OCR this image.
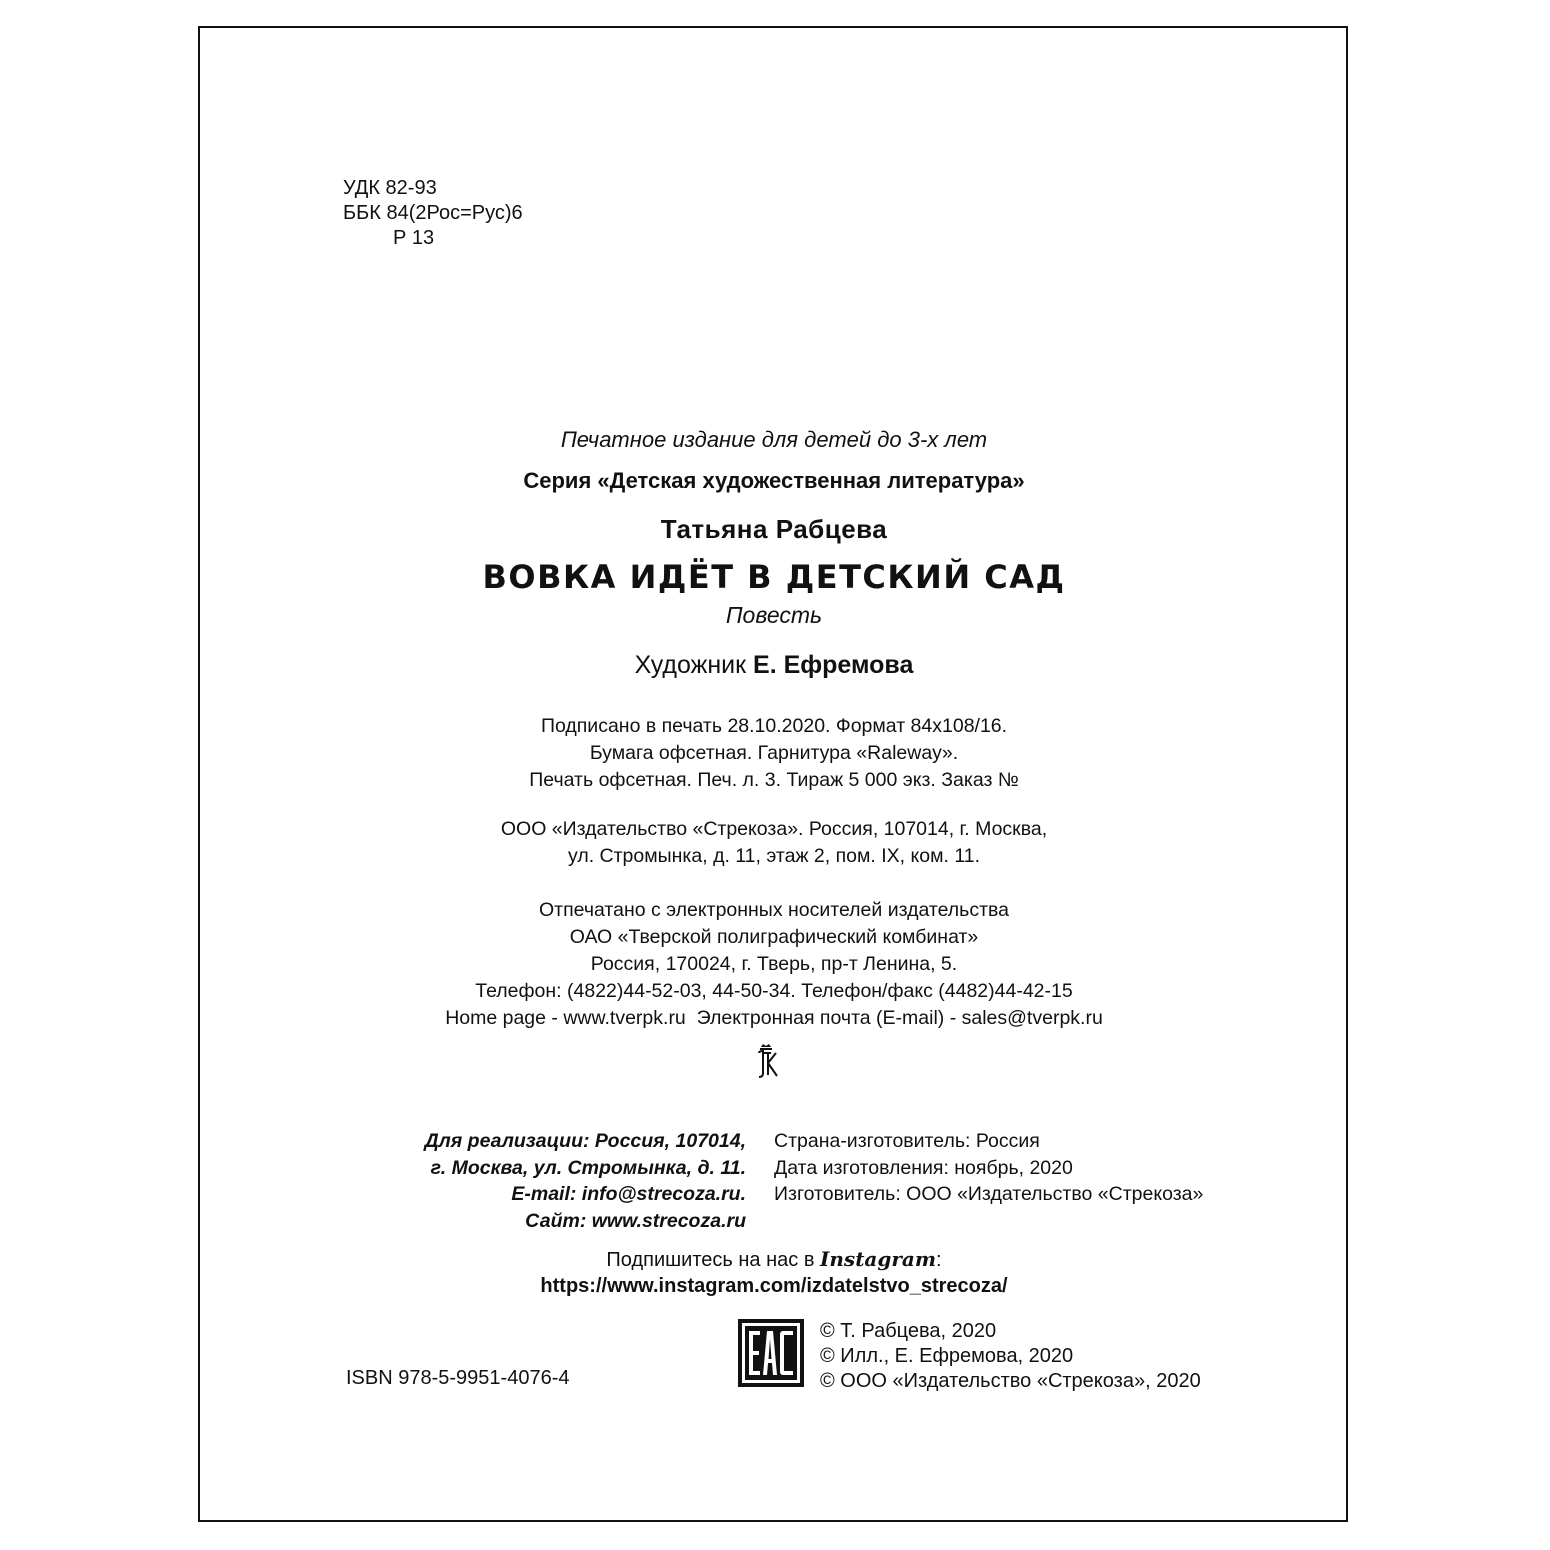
УДК 82-93
ББК 84(2Рос=Рус)6
Р 13
Печатное издание для детей до 3-х лет
Серия «Детская художественная литература»
Татьяна Рабцева
ВОВКА ИДЁТ В ДЕТСКИЙ САД
Повесть
Художник Е. Ефремова
Подписано в печать 28.10.2020. Формат 84x108/16.
Бумага офсетная. Гарнитура «Raleway».
Печать офсетная. Печ. л. 3. Тираж 5 000 экз. Заказ №
ООО «Издательство «Стрекоза». Россия, 107014, г. Москва,
ул. Стромынка, д. 11, этаж 2, пом. IX, ком. 11.
Отпечатано с электронных носителей издательства
ОАО «Тверской полиграфический комбинат»
Россия, 170024, г. Тверь, пр-т Ленина, 5.
Телефон: (4822)44-52-03, 44-50-34. Телефон/факс (4482)44-42-15
Home page - www.tverpk.ru  Электронная почта (E-mail) - sales@tverpk.ru
Для реализации: Россия, 107014,
г. Москва, ул. Стромынка, д. 11.
E-mail: info@strecoza.ru.
Сайт: www.strecoza.ru
Страна-изготовитель: Россия
Дата изготовления: ноябрь, 2020
Изготовитель: ООО «Издательство «Стрекоза»
Подпишитесь на нас в Instagram:
https://www.instagram.com/izdatelstvo_strecoza/
© Т. Рабцева, 2020
© Илл., Е. Ефремова, 2020
© ООО «Издательство «Стрекоза», 2020
ISBN 978-5-9951-4076-4
